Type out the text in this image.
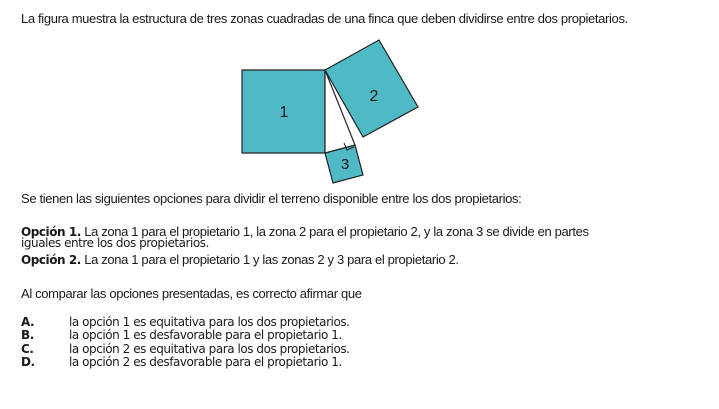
La figura muestra la estructura de tres zonas cuadradas de una finca que deben dividirse entre dos propietarios.
1
2
3
Se tienen las siguientes opciones para dividir el terreno disponible entre los dos propietarios:
Opción 1. La zona 1 para el propietario 1, la zona 2 para el propietario 2, y la zona 3 se divide en partes
iguales entre los dos propietarios.
Opción 2. La zona 1 para el propietario 1 y las zonas 2 y 3 para el propietario 2.
Al comparar las opciones presentadas, es correcto afirmar que
A.	la opción 1 es equitativa para los dos propietarios.
B.	la opción 1 es desfavorable para el propietario 1.
C.	la opción 2 es equitativa para los dos propietarios.
D.	la opción 2 es desfavorable para el propietario 1.
